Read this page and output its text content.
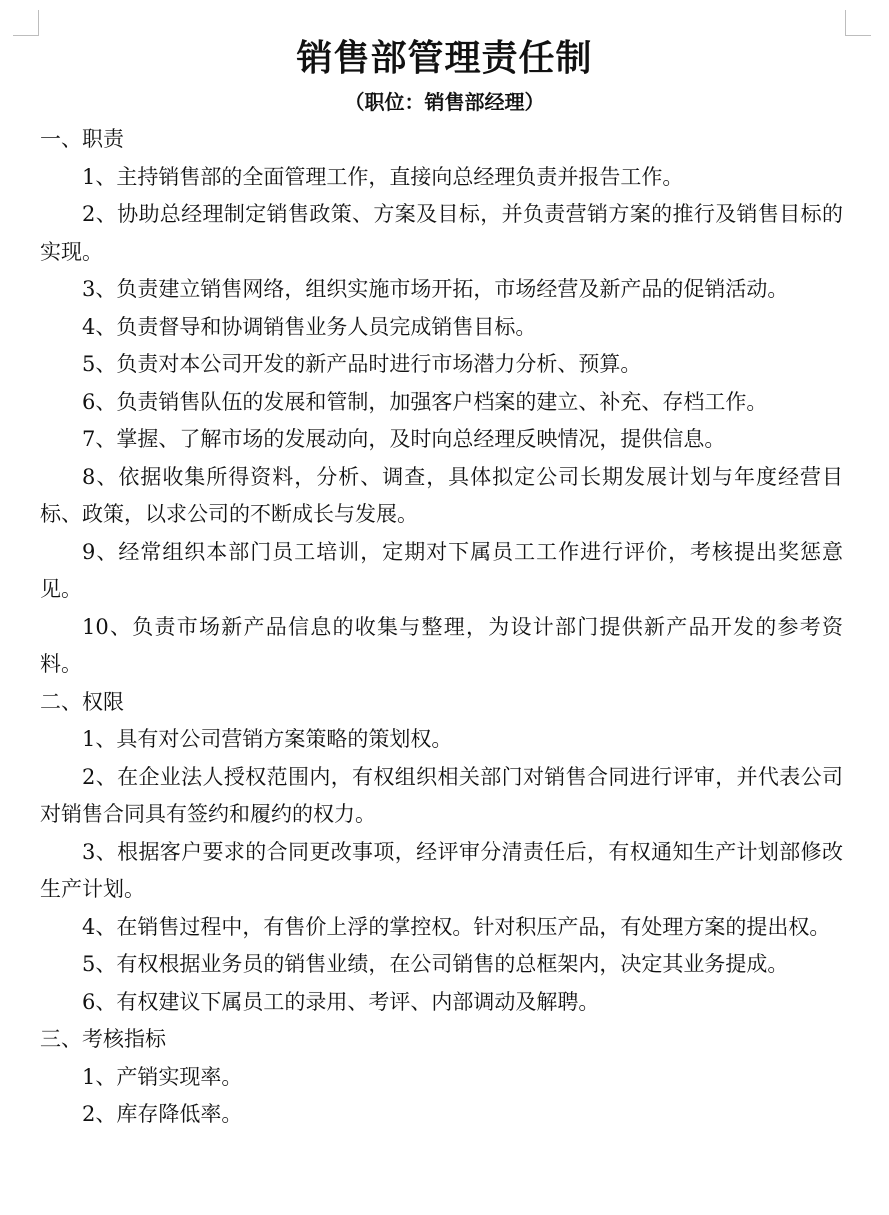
销售部管理责任制

（职位：销售部经理）

一、职责

1、主持销售部的全面管理工作，直接向总经理负责并报告工作。

2、协助总经理制定销售政策、方案及目标，并负责营销方案的推行及销售目标的实现。

3、负责建立销售网络，组织实施市场开拓，市场经营及新产品的促销活动。

4、负责督导和协调销售业务人员完成销售目标。

5、负责对本公司开发的新产品时进行市场潜力分析、预算。

6、负责销售队伍的发展和管制，加强客户档案的建立、补充、存档工作。

7、掌握、了解市场的发展动向，及时向总经理反映情况，提供信息。

8、依据收集所得资料，分析、调查，具体拟定公司长期发展计划与年度经营目标、政策，以求公司的不断成长与发展。

9、经常组织本部门员工培训，定期对下属员工工作进行评价，考核提出奖惩意见。

10、负责市场新产品信息的收集与整理，为设计部门提供新产品开发的参考资料。

二、权限

1、具有对公司营销方案策略的策划权。

2、在企业法人授权范围内，有权组织相关部门对销售合同进行评审，并代表公司对销售合同具有签约和履约的权力。

3、根据客户要求的合同更改事项，经评审分清责任后，有权通知生产计划部修改生产计划。

4、在销售过程中，有售价上浮的掌控权。针对积压产品，有处理方案的提出权。

5、有权根据业务员的销售业绩，在公司销售的总框架内，决定其业务提成。

6、有权建议下属员工的录用、考评、内部调动及解聘。

三、考核指标

1、产销实现率。

2、库存降低率。
